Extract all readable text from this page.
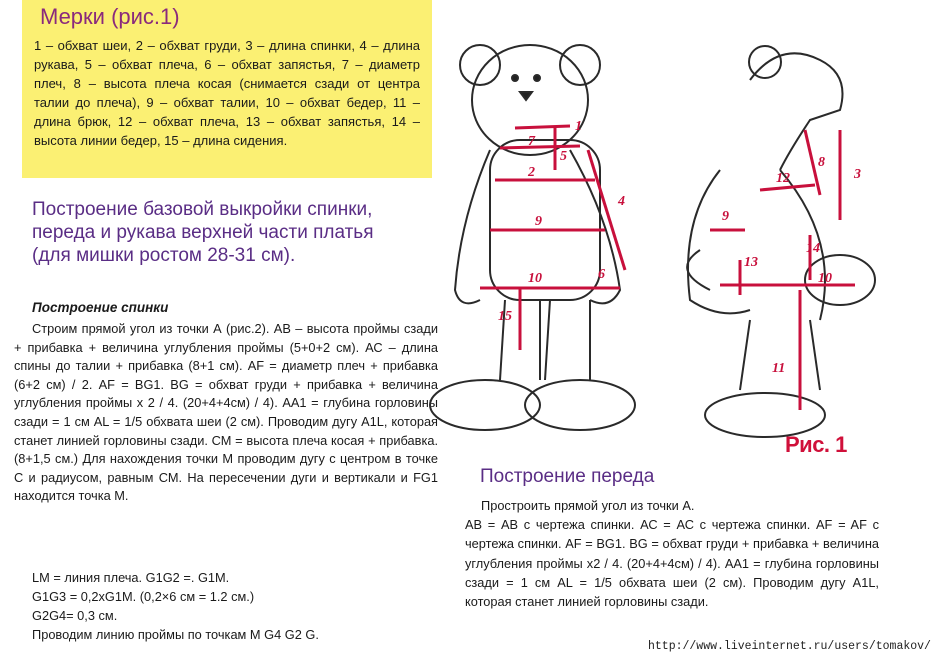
Мерки (рис.1)
1 – обхват шеи, 2 – обхват груди, 3 – длина спинки, 4 – длина рукава, 5 – обхват плеча, 6 – обхват запястья, 7 – диаметр плеч, 8 – высота плеча косая (снимается сзади от центра талии до плеча), 9 – обхват талии, 10 – обхват бедер, 11 – длина брюк, 12 – обхват плеча, 13 – обхват запястья, 14 – высота линии бедер, 15 – длина сидения.
Построение базовой выкройки спинки, переда и рукава верхней части платья (для мишки ростом 28-31 см).
Построение спинки
Строим прямой угол из точки А (рис.2). АВ – высота проймы сзади + прибавка + величина углубления проймы (5+0+2 см). АС – длина спины до талии + прибавка (8+1 см). AF = диаметр плеч + прибавка (6+2 см) / 2. AF = BG1. BG = обхват груди + прибавка + величина углубления проймы х 2 / 4. (20+4+4см) / 4). АА1 = глубина горловины сзади = 1 см AL = 1/5 обхвата шеи (2 см). Проводим дугу A1L, которая станет линией горловины сзади. СМ = высота плеча косая + прибавка. (8+1,5 см.) Для нахождения точки М проводим дугу с центром в точке С и радиусом, равным СМ. На пересечении дуги и вертикали и FG1 находится точка М.
LM = линия плеча. G1G2 =. G1M.
G1G3 = 0,2хG1M. (0,2×6 см = 1.2 см.)
G2G4= 0,3 см.
Проводим линию проймы по точкам M G4 G2 G.
1
7
2
5
9
6
4
10
15
8
3
12
9
14
13
10
11
Рис. 1
Построение переда
Простроить прямой угол из точки А.
АВ = АВ с чертежа спинки. АС = АС с чертежа спинки. AF = AF с чертежа спинки. AF = BG1. BG = обхват груди + прибавка + величина углубления проймы х2 / 4. (20+4+4см) / 4). АА1 = глубина горловины сзади = 1 см AL = 1/5 обхвата шеи (2 см). Проводим дугу A1L, которая станет линией горловины сзади.
http://www.liveinternet.ru/users/tomakov/
